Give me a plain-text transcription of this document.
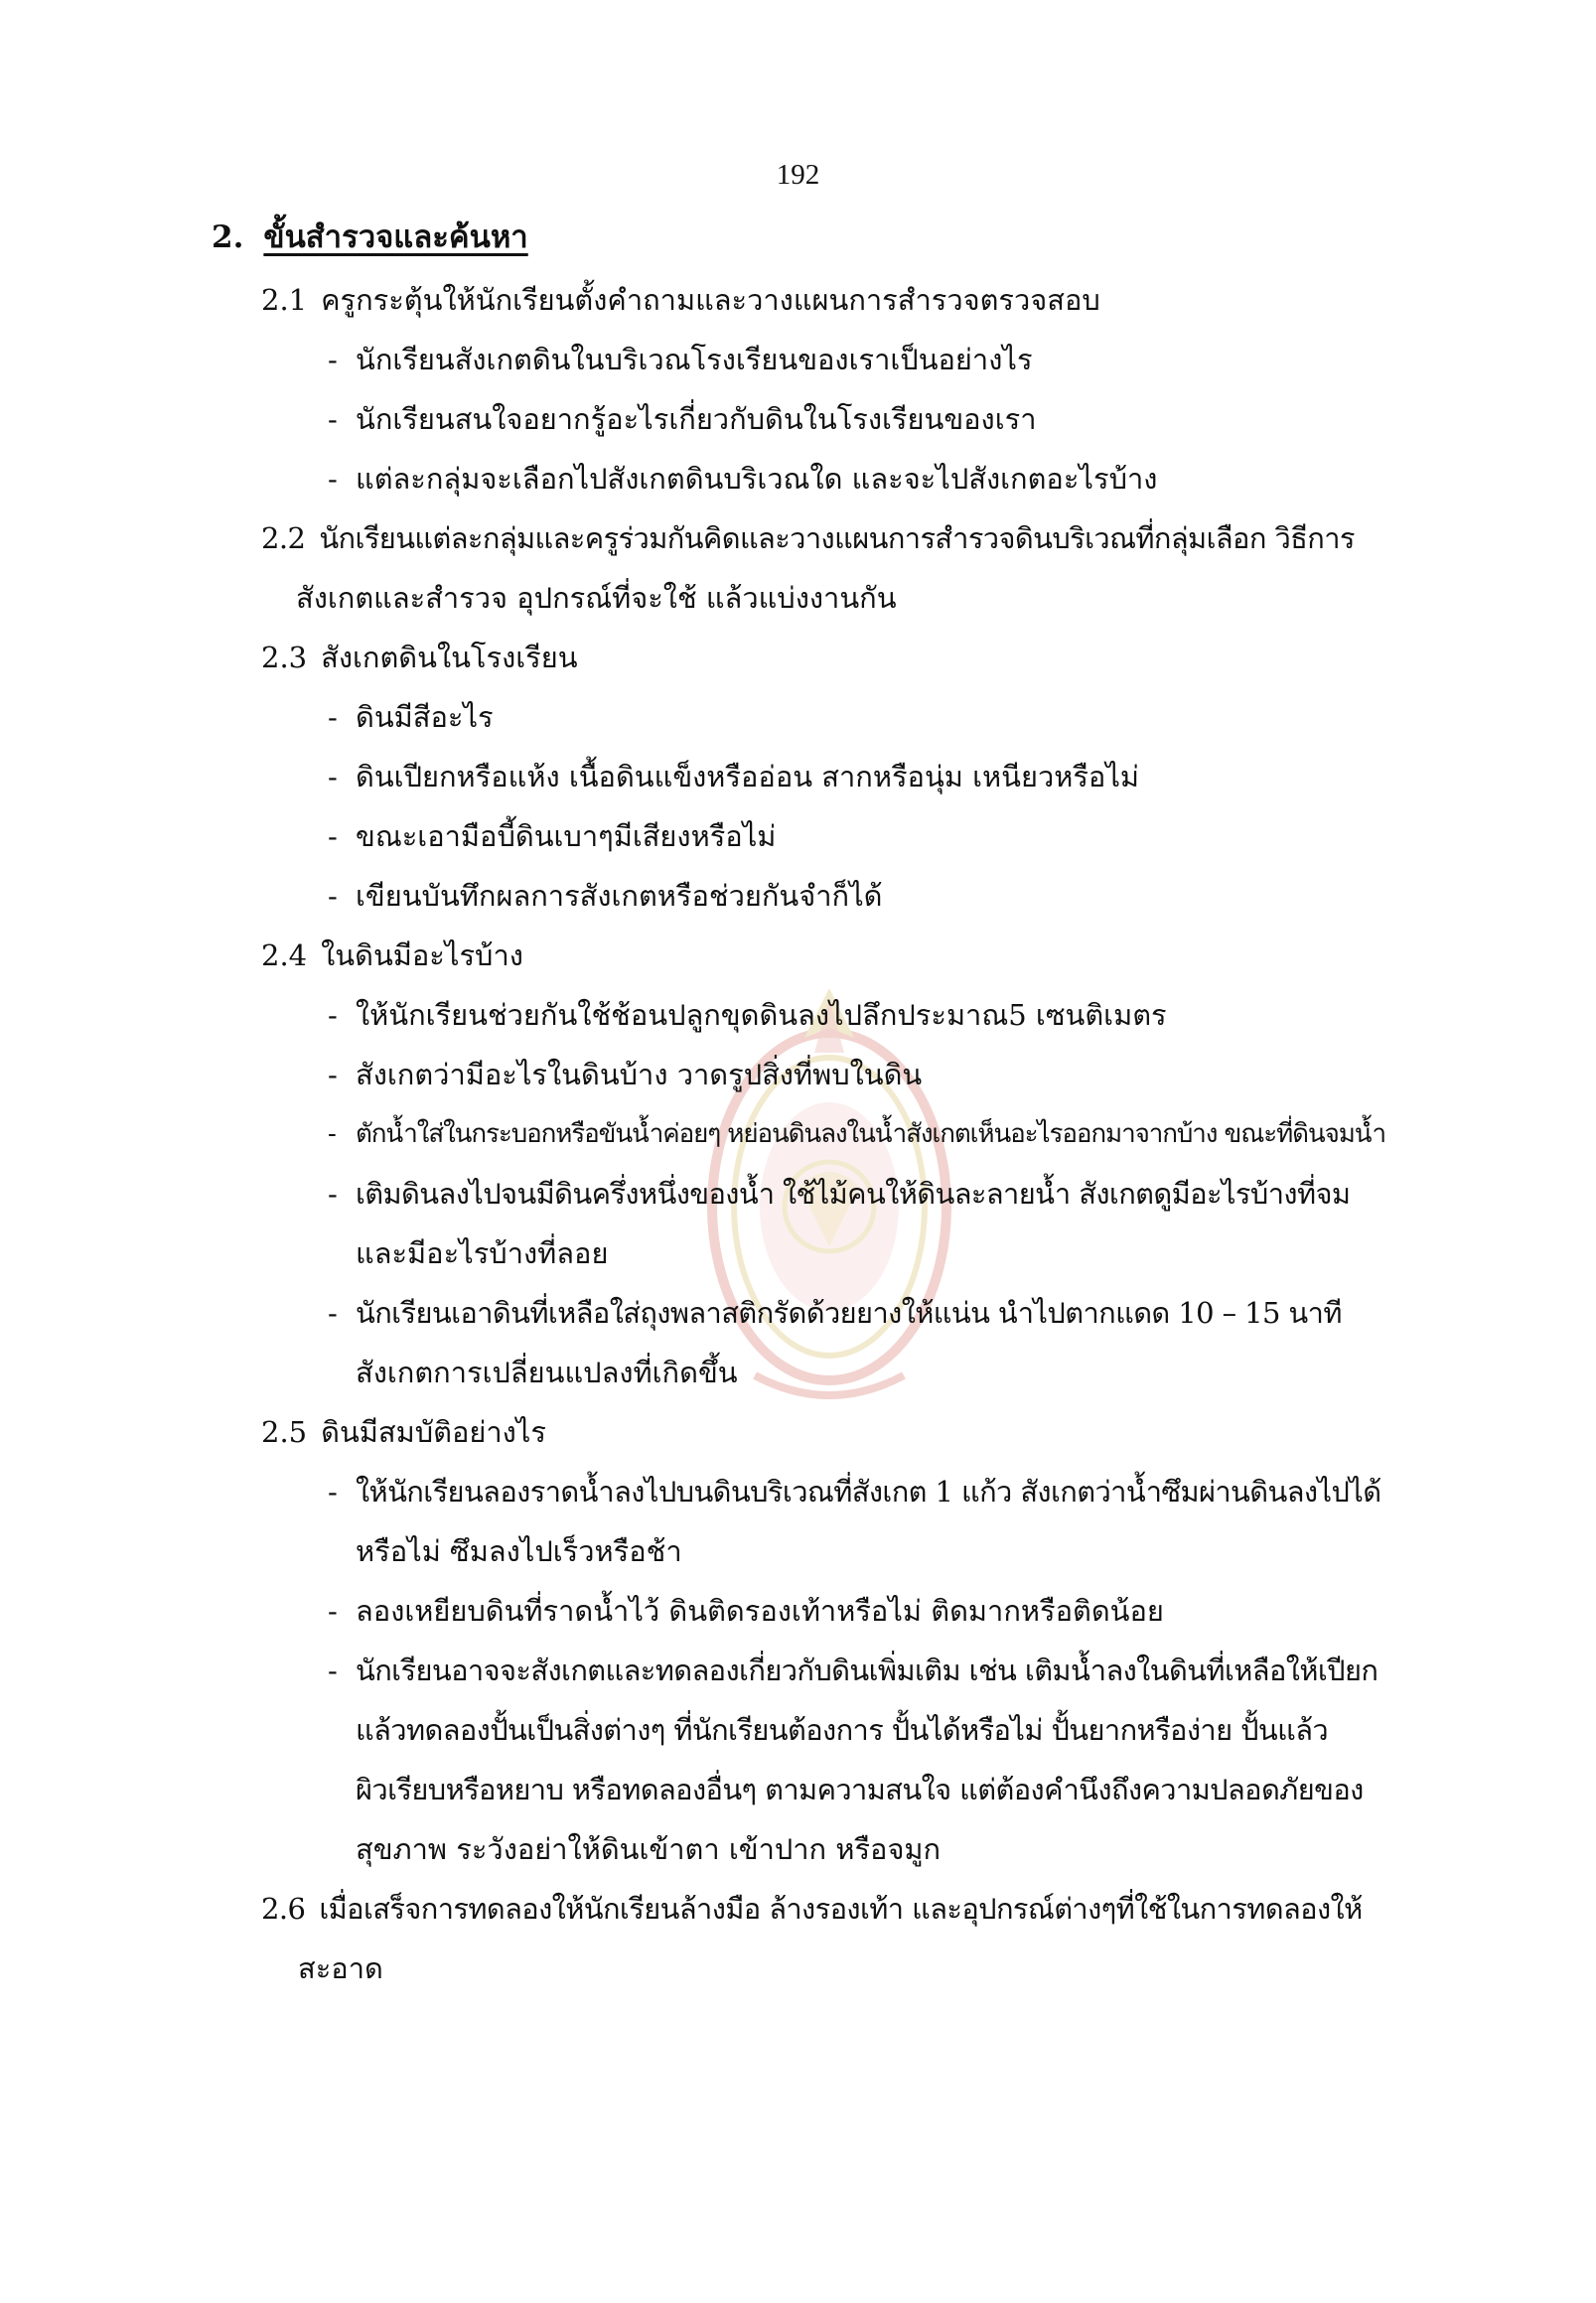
192
2. ขั้นสำรวจและค้นหา
2.1 ครูกระตุ้นให้นักเรียนตั้งคำถามและวางแผนการสำรวจตรวจสอบ
- นักเรียนสังเกตดินในบริเวณโรงเรียนของเราเป็นอย่างไร
- นักเรียนสนใจอยากรู้อะไรเกี่ยวกับดินในโรงเรียนของเรา
- แต่ละกลุ่มจะเลือกไปสังเกตดินบริเวณใด และจะไปสังเกตอะไรบ้าง
2.2 นักเรียนแต่ละกลุ่มและครูร่วมกันคิดและวางแผนการสำรวจดินบริเวณที่กลุ่มเลือก วิธีการ
สังเกตและสำรวจ อุปกรณ์ที่จะใช้ แล้วแบ่งงานกัน
2.3 สังเกตดินในโรงเรียน
- ดินมีสีอะไร
- ดินเปียกหรือแห้ง เนื้อดินแข็งหรืออ่อน สากหรือนุ่ม เหนียวหรือไม่
- ขณะเอามือบี้ดินเบาๆมีเสียงหรือไม่
- เขียนบันทึกผลการสังเกตหรือช่วยกันจำก็ได้
2.4 ในดินมีอะไรบ้าง
- ให้นักเรียนช่วยกันใช้ช้อนปลูกขุดดินลงไปลึกประมาณ5 เซนติเมตร
- สังเกตว่ามีอะไรในดินบ้าง วาดรูปสิ่งที่พบในดิน
- ตักน้ำใส่ในกระบอกหรือขันน้ำค่อยๆ หย่อนดินลงในน้ำสังเกตเห็นอะไรออกมาจากบ้าง ขณะที่ดินจมน้ำ
- เติมดินลงไปจนมีดินครึ่งหนึ่งของน้ำ ใช้ไม้คนให้ดินละลายน้ำ สังเกตดูมีอะไรบ้างที่จม
และมีอะไรบ้างที่ลอย
- นักเรียนเอาดินที่เหลือใส่ถุงพลาสติกรัดด้วยยางให้แน่น นำไปตากแดด 10 – 15 นาที
สังเกตการเปลี่ยนแปลงที่เกิดขึ้น
2.5 ดินมีสมบัติอย่างไร
- ให้นักเรียนลองราดน้ำลงไปบนดินบริเวณที่สังเกต 1 แก้ว สังเกตว่าน้ำซึมผ่านดินลงไปได้
หรือไม่ ซึมลงไปเร็วหรือช้า
- ลองเหยียบดินที่ราดน้ำไว้ ดินติดรองเท้าหรือไม่ ติดมากหรือติดน้อย
- นักเรียนอาจจะสังเกตและทดลองเกี่ยวกับดินเพิ่มเติม เช่น เติมน้ำลงในดินที่เหลือให้เปียก
แล้วทดลองปั้นเป็นสิ่งต่างๆ ที่นักเรียนต้องการ ปั้นได้หรือไม่ ปั้นยากหรือง่าย ปั้นแล้ว
ผิวเรียบหรือหยาบ หรือทดลองอื่นๆ ตามความสนใจ แต่ต้องคำนึงถึงความปลอดภัยของ
สุขภาพ ระวังอย่าให้ดินเข้าตา เข้าปาก หรือจมูก
2.6 เมื่อเสร็จการทดลองให้นักเรียนล้างมือ ล้างรองเท้า และอุปกรณ์ต่างๆที่ใช้ในการทดลองให้
สะอาด
